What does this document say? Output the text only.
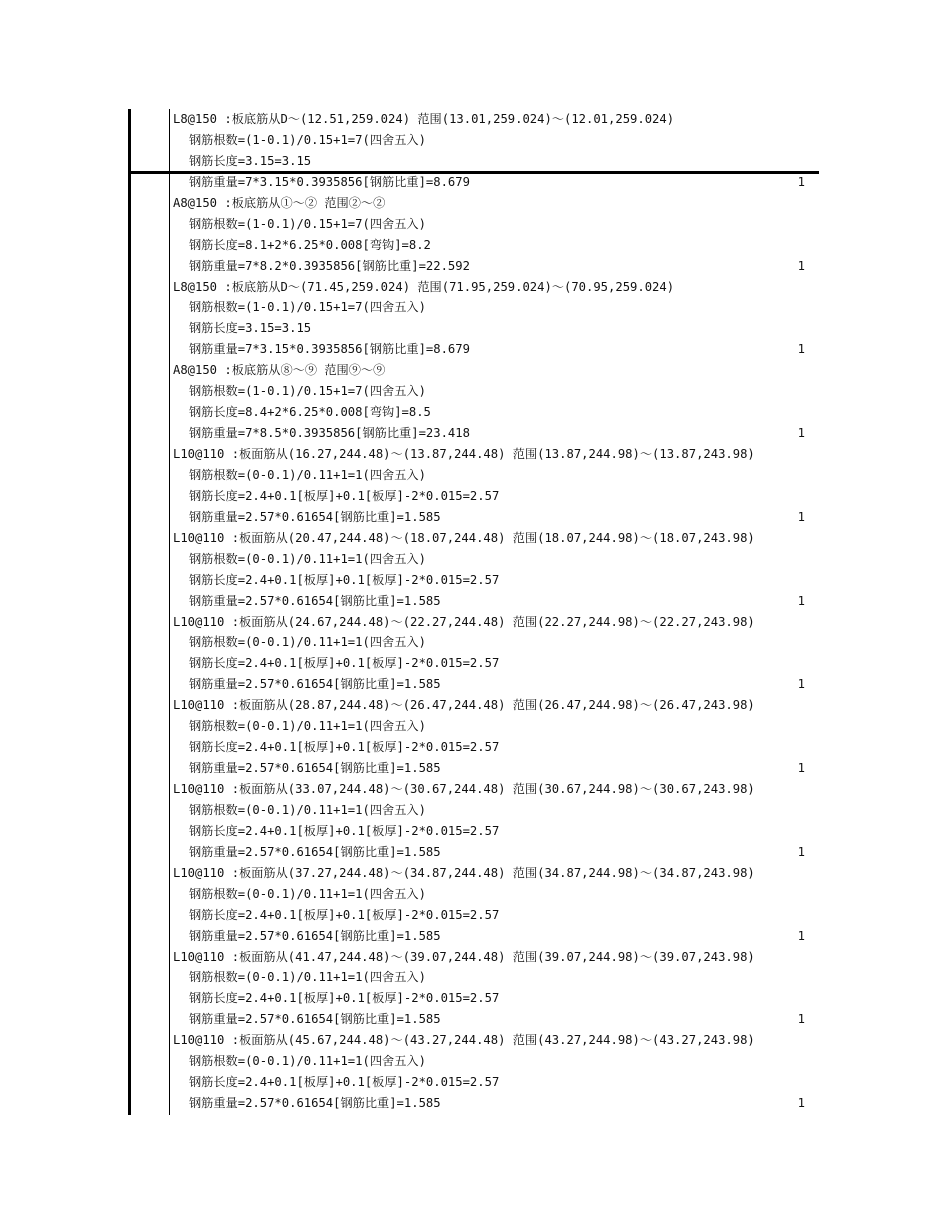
L8@150 :板底筋从D～(12.51,259.024) 范围(13.01,259.024)～(12.01,259.024)
钢筋根数=(1-0.1)/0.15+1=7(四舍五入)
钢筋长度=3.15=3.15
钢筋重量=7*3.15*0.3935856[钢筋比重]=8.679	1
A8@150 :板底筋从①～② 范围②～②
钢筋根数=(1-0.1)/0.15+1=7(四舍五入)
钢筋长度=8.1+2*6.25*0.008[弯钩]=8.2
钢筋重量=7*8.2*0.3935856[钢筋比重]=22.592	1
L8@150 :板底筋从D～(71.45,259.024) 范围(71.95,259.024)～(70.95,259.024)
钢筋根数=(1-0.1)/0.15+1=7(四舍五入)
钢筋长度=3.15=3.15
钢筋重量=7*3.15*0.3935856[钢筋比重]=8.679	1
A8@150 :板底筋从⑧～⑨ 范围⑨～⑨
钢筋根数=(1-0.1)/0.15+1=7(四舍五入)
钢筋长度=8.4+2*6.25*0.008[弯钩]=8.5
钢筋重量=7*8.5*0.3935856[钢筋比重]=23.418	1
L10@110 :板面筋从(16.27,244.48)～(13.87,244.48) 范围(13.87,244.98)～(13.87,243.98)
钢筋根数=(0-0.1)/0.11+1=1(四舍五入)
钢筋长度=2.4+0.1[板厚]+0.1[板厚]-2*0.015=2.57
钢筋重量=2.57*0.61654[钢筋比重]=1.585	1
L10@110 :板面筋从(20.47,244.48)～(18.07,244.48) 范围(18.07,244.98)～(18.07,243.98)
钢筋根数=(0-0.1)/0.11+1=1(四舍五入)
钢筋长度=2.4+0.1[板厚]+0.1[板厚]-2*0.015=2.57
钢筋重量=2.57*0.61654[钢筋比重]=1.585	1
L10@110 :板面筋从(24.67,244.48)～(22.27,244.48) 范围(22.27,244.98)～(22.27,243.98)
钢筋根数=(0-0.1)/0.11+1=1(四舍五入)
钢筋长度=2.4+0.1[板厚]+0.1[板厚]-2*0.015=2.57
钢筋重量=2.57*0.61654[钢筋比重]=1.585	1
L10@110 :板面筋从(28.87,244.48)～(26.47,244.48) 范围(26.47,244.98)～(26.47,243.98)
钢筋根数=(0-0.1)/0.11+1=1(四舍五入)
钢筋长度=2.4+0.1[板厚]+0.1[板厚]-2*0.015=2.57
钢筋重量=2.57*0.61654[钢筋比重]=1.585	1
L10@110 :板面筋从(33.07,244.48)～(30.67,244.48) 范围(30.67,244.98)～(30.67,243.98)
钢筋根数=(0-0.1)/0.11+1=1(四舍五入)
钢筋长度=2.4+0.1[板厚]+0.1[板厚]-2*0.015=2.57
钢筋重量=2.57*0.61654[钢筋比重]=1.585	1
L10@110 :板面筋从(37.27,244.48)～(34.87,244.48) 范围(34.87,244.98)～(34.87,243.98)
钢筋根数=(0-0.1)/0.11+1=1(四舍五入)
钢筋长度=2.4+0.1[板厚]+0.1[板厚]-2*0.015=2.57
钢筋重量=2.57*0.61654[钢筋比重]=1.585	1
L10@110 :板面筋从(41.47,244.48)～(39.07,244.48) 范围(39.07,244.98)～(39.07,243.98)
钢筋根数=(0-0.1)/0.11+1=1(四舍五入)
钢筋长度=2.4+0.1[板厚]+0.1[板厚]-2*0.015=2.57
钢筋重量=2.57*0.61654[钢筋比重]=1.585	1
L10@110 :板面筋从(45.67,244.48)～(43.27,244.48) 范围(43.27,244.98)～(43.27,243.98)
钢筋根数=(0-0.1)/0.11+1=1(四舍五入)
钢筋长度=2.4+0.1[板厚]+0.1[板厚]-2*0.015=2.57
钢筋重量=2.57*0.61654[钢筋比重]=1.585	1
